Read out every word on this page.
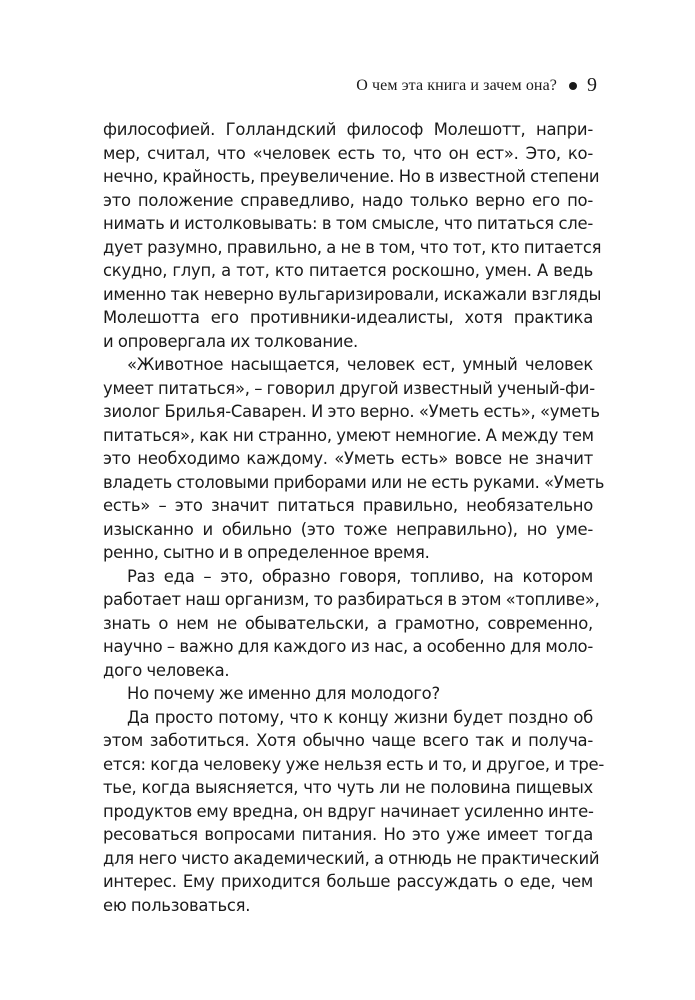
О чем эта книга и зачем она? 9
философией. Голландский философ Молешотт, напри-
мер, считал, что «человек есть то, что он ест». Это, ко-
нечно, крайность, преувеличение. Но в известной степени
это положение справедливо, надо только верно его по-
нимать и истолковывать: в том смысле, что питаться сле-
дует разумно, правильно, а не в том, что тот, кто питается
скудно, глуп, а тот, кто питается роскошно, умен. А ведь
именно так неверно вульгаризировали, искажали взгляды
Молешотта его противники-идеалисты, хотя практика
и опровергала их толкование.
«Животное насыщается, человек ест, умный человек
умеет питаться», – говорил другой известный ученый-фи-
зиолог Брилья-Саварен. И это верно. «Уметь есть», «уметь
питаться», как ни странно, умеют немногие. А между тем
это необходимо каждому. «Уметь есть» вовсе не значит
владеть столовыми приборами или не есть руками. «Уметь
есть» – это значит питаться правильно, необязательно
изысканно и обильно (это тоже неправильно), но уме-
ренно, сытно и в определенное время.
Раз еда – это, образно говоря, топливо, на котором
работает наш организм, то разбираться в этом «топливе»,
знать о нем не обывательски, а грамотно, современно,
научно – важно для каждого из нас, а особенно для моло-
дого человека.
Но почему же именно для молодого?
Да просто потому, что к концу жизни будет поздно об
этом заботиться. Хотя обычно чаще всего так и получа-
ется: когда человеку уже нельзя есть и то, и другое, и тре-
тье, когда выясняется, что чуть ли не половина пищевых
продуктов ему вредна, он вдруг начинает усиленно инте-
ресоваться вопросами питания. Но это уже имеет тогда
для него чисто академический, а отнюдь не практический
интерес. Ему приходится больше рассуждать о еде, чем
ею пользоваться.
